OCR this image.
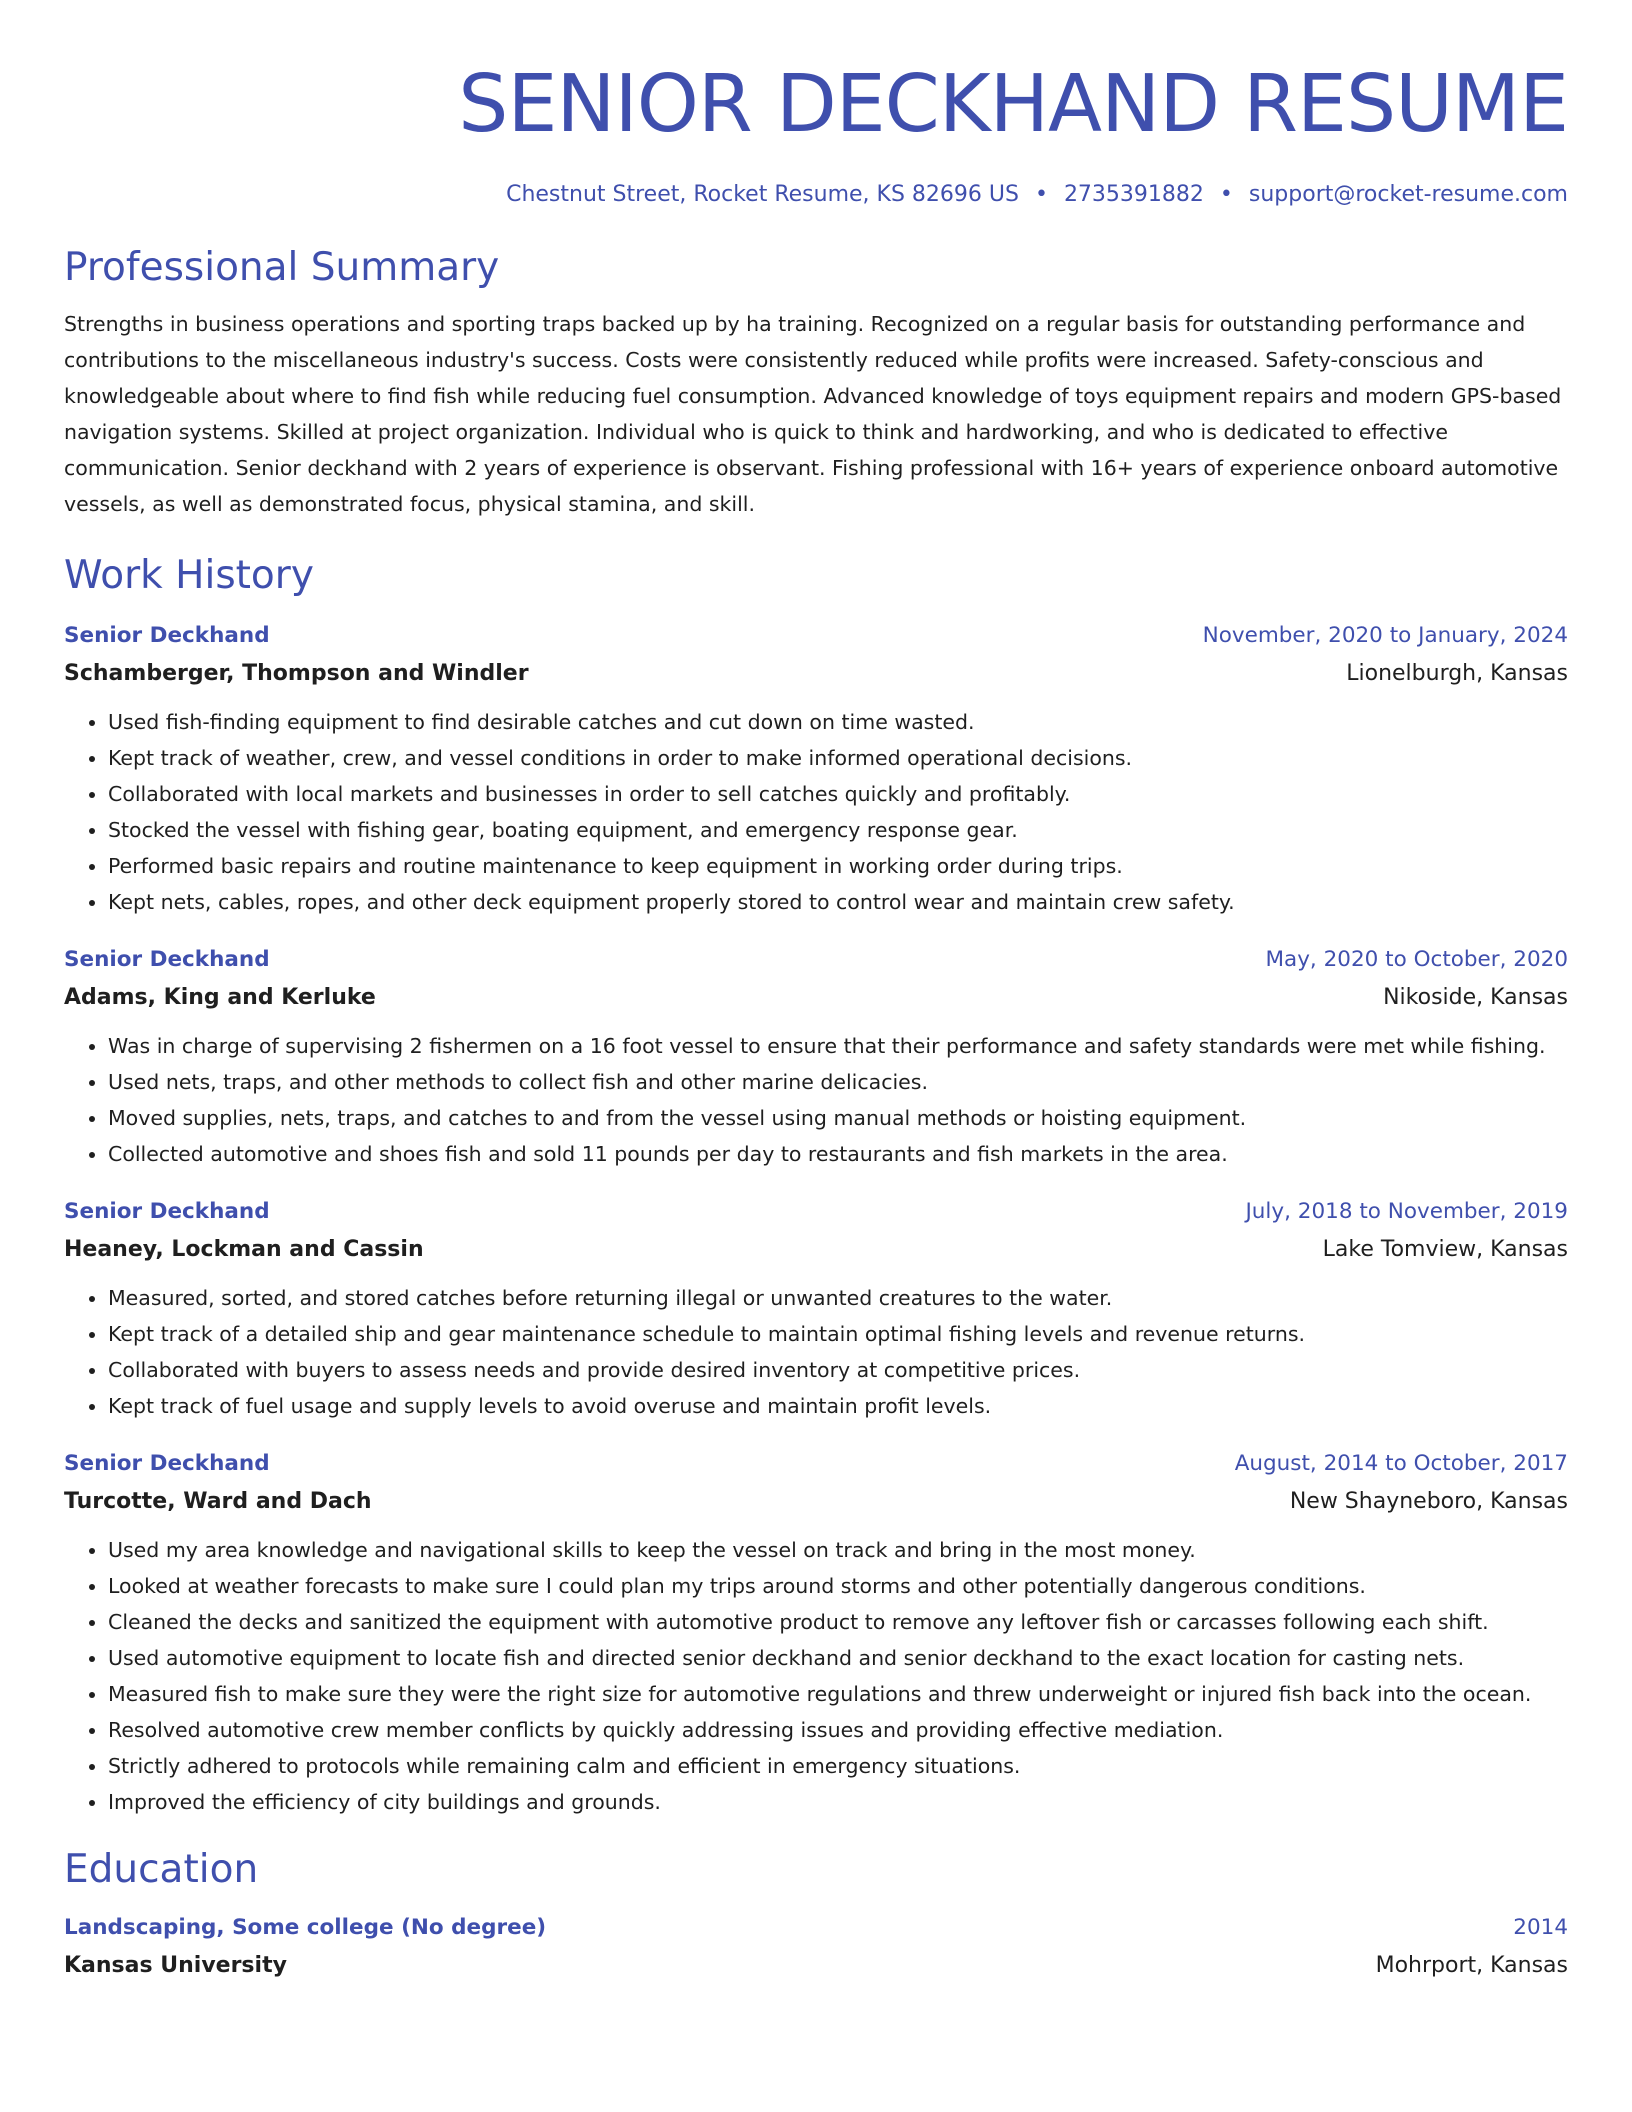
SENIOR DECKHAND RESUME
Chestnut Street, Rocket Resume, KS 82696 US • 2735391882 • support@rocket-resume.com
Professional Summary

Strengths in business operations and sporting traps backed up by ha training. Recognized on a regular basis for outstanding performance and contributions to the miscellaneous industry's success. Costs were consistently reduced while profits were increased. Safety-conscious and knowledgeable about where to find fish while reducing fuel consumption. Advanced knowledge of toys equipment repairs and modern GPS-based navigation systems. Skilled at project organization. Individual who is quick to think and hardworking, and who is dedicated to effective communication. Senior deckhand with 2 years of experience is observant. Fishing professional with 16+ years of experience onboard automotive vessels, as well as demonstrated focus, physical stamina, and skill.

Work History
Senior Deckhand	November, 2020 to January, 2024
Schamberger, Thompson and Windler	Lionelburgh, Kansas
• Used fish-finding equipment to find desirable catches and cut down on time wasted.
• Kept track of weather, crew, and vessel conditions in order to make informed operational decisions.
• Collaborated with local markets and businesses in order to sell catches quickly and profitably.
• Stocked the vessel with fishing gear, boating equipment, and emergency response gear.
• Performed basic repairs and routine maintenance to keep equipment in working order during trips.
• Kept nets, cables, ropes, and other deck equipment properly stored to control wear and maintain crew safety.
Senior Deckhand	May, 2020 to October, 2020
Adams, King and Kerluke	Nikoside, Kansas
• Was in charge of supervising 2 fishermen on a 16 foot vessel to ensure that their performance and safety standards were met while fishing.
• Used nets, traps, and other methods to collect fish and other marine delicacies.
• Moved supplies, nets, traps, and catches to and from the vessel using manual methods or hoisting equipment.
• Collected automotive and shoes fish and sold 11 pounds per day to restaurants and fish markets in the area.
Senior Deckhand	July, 2018 to November, 2019
Heaney, Lockman and Cassin	Lake Tomview, Kansas
• Measured, sorted, and stored catches before returning illegal or unwanted creatures to the water.
• Kept track of a detailed ship and gear maintenance schedule to maintain optimal fishing levels and revenue returns.
• Collaborated with buyers to assess needs and provide desired inventory at competitive prices.
• Kept track of fuel usage and supply levels to avoid overuse and maintain profit levels.
Senior Deckhand	August, 2014 to October, 2017
Turcotte, Ward and Dach	New Shayneboro, Kansas
• Used my area knowledge and navigational skills to keep the vessel on track and bring in the most money.
• Looked at weather forecasts to make sure I could plan my trips around storms and other potentially dangerous conditions.
• Cleaned the decks and sanitized the equipment with automotive product to remove any leftover fish or carcasses following each shift.
• Used automotive equipment to locate fish and directed senior deckhand and senior deckhand to the exact location for casting nets.
• Measured fish to make sure they were the right size for automotive regulations and threw underweight or injured fish back into the ocean.
• Resolved automotive crew member conflicts by quickly addressing issues and providing effective mediation.
• Strictly adhered to protocols while remaining calm and efficient in emergency situations.
• Improved the efficiency of city buildings and grounds.
Education
Landscaping, Some college (No degree)	2014
Kansas University	Mohrport, Kansas
